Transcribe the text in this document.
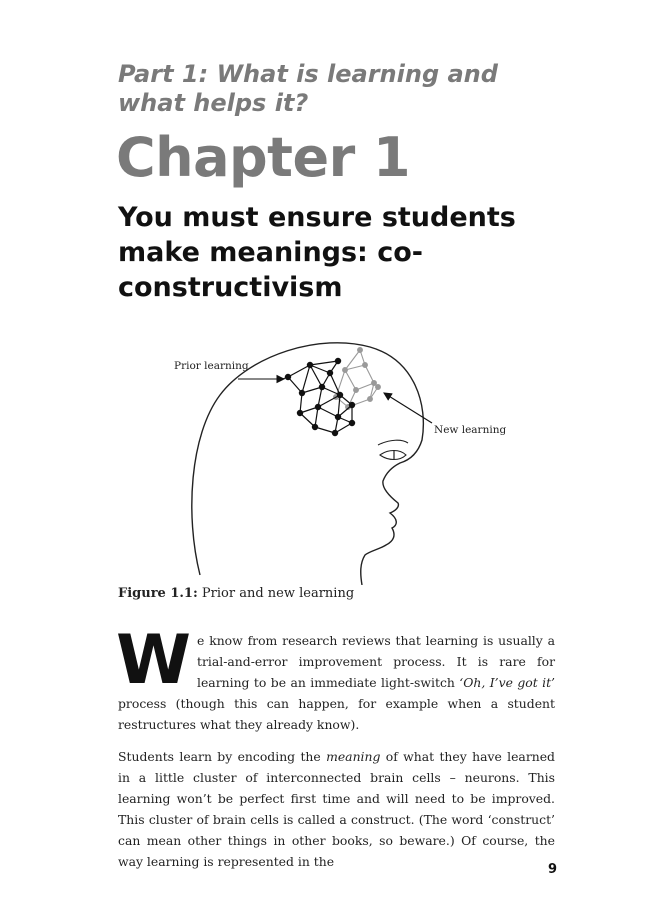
Part 1: What is learning and what helps it?
Chapter 1
You must ensure students make meanings: co-constructivism
Prior learning
New learning
Figure 1.1: Prior and new learning

We know from research reviews that learning is usually a trial-and-error improvement process. It is rare for learning to be an immediate light-switch ‘Oh, I’ve got it’ process (though this can happen, for example when a student restructures what they already know).

Students learn by encoding the meaning of what they have learned in a little cluster of interconnected brain cells – neurons. This learning won’t be perfect first time and will need to be improved. This cluster of brain cells is called a construct. (The word ‘construct’ can mean other things in other books, so beware.) Of course, the way learning is represented in the

9
